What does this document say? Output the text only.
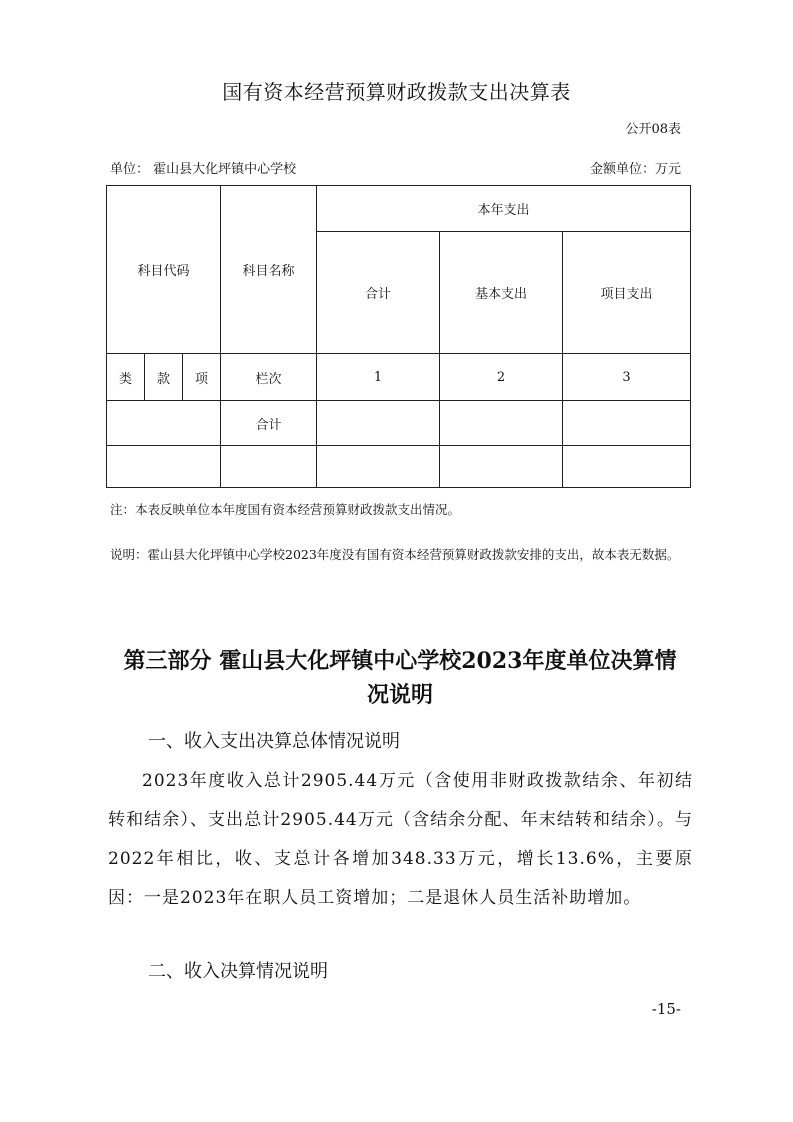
国有资本经营预算财政拨款支出决算表
公开08表
单位： 霍山县大化坪镇中心学校	金额单位：万元
科目代码			科目名称	本年支出		
				合计	基本支出	项目支出
类	款	项	栏次	1	2	3
			合计			

注：本表反映单位本年度国有资本经营预算财政拨款支出情况。
说明：霍山县大化坪镇中心学校2023年度没有国有资本经营预算财政拨款安排的支出，故本表无数据。
第三部分 霍山县大化坪镇中心学校2023年度单位决算情
况说明
一、收入支出决算总体情况说明
2023年度收入总计2905.44万元（含使用非财政拨款结余、年初结转和结余）、支出总计2905.44万元（含结余分配、年末结转和结余）。与2022年相比，收、支总计各增加348.33万元，增长13.6%，主要原因：一是2023年在职人员工资增加；二是退休人员生活补助增加。
二、收入决算情况说明
-15-
